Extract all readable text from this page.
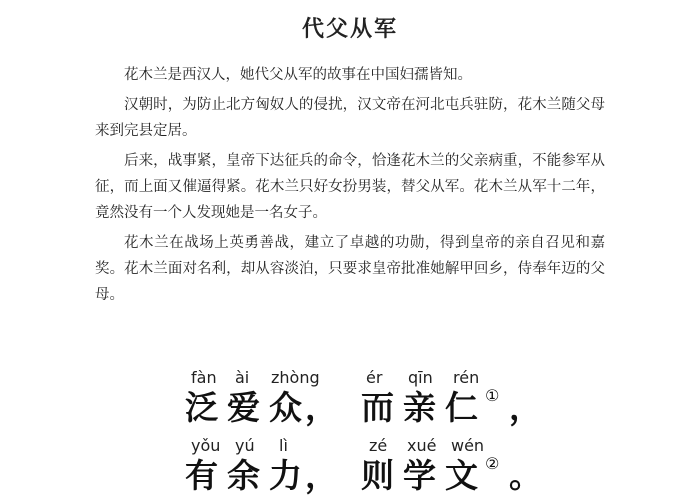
代父从军

花木兰是西汉人，她代父从军的故事在中国妇孺皆知。

汉朝时，为防止北方匈奴人的侵扰，汉文帝在河北屯兵驻防，花木兰随父母来到完县定居。

后来，战事紧，皇帝下达征兵的命令，恰逢花木兰的父亲病重，不能参军从征，而上面又催逼得紧。花木兰只好女扮男装，替父从军。花木兰从军十二年，竟然没有一个人发现她是一名女子。

花木兰在战场上英勇善战，建立了卓越的功勋，得到皇帝的亲自召见和嘉奖。花木兰面对名利，却从容淡泊，只要求皇帝批准她解甲回乡，侍奉年迈的父母。

fàn ài zhòng	ér qīn rén
泛 爱 众 ， 而 亲 仁 ① ，
yǒu yú lì	zé xué wén
有 余 力 ， 则 学 文 ② 。
